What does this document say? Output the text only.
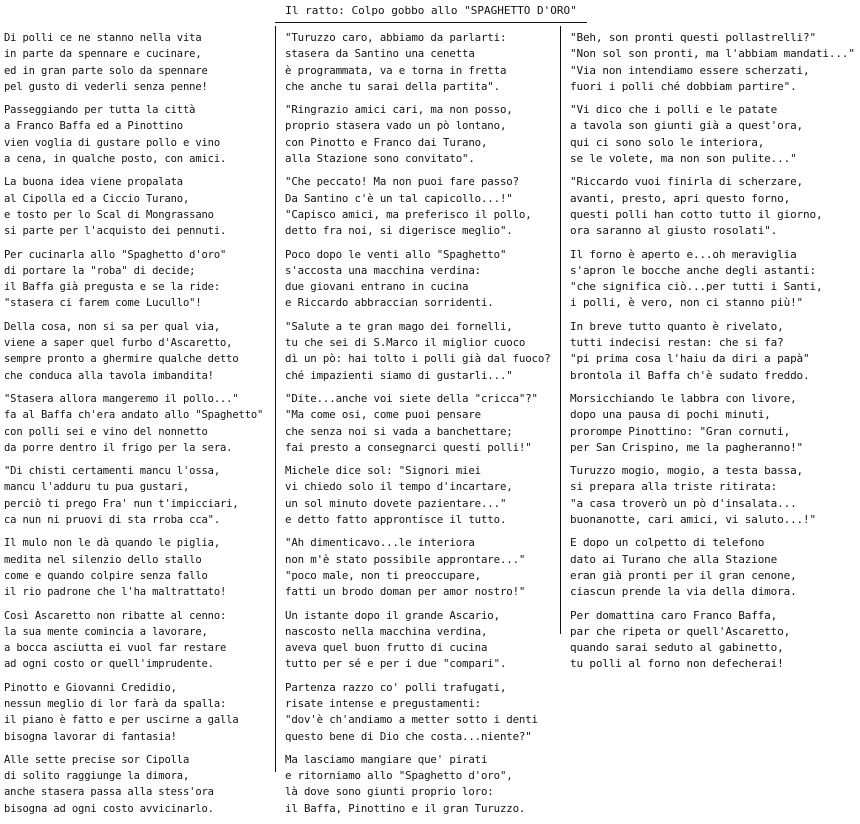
Il ratto: Colpo gobbo allo "SPAGHETTO D'ORO"
Di polli ce ne stanno nella vita
in parte da spennare e cucinare,
ed in gran parte solo da spennare
pel gusto di vederli senza penne!
Passeggiando per tutta la città
a Franco Baffa ed a Pinottino
vien voglia di gustare pollo e vino
a cena, in qualche posto, con amici.
La buona idea viene propalata
al Cipolla ed a Ciccio Turano,
e tosto per lo Scal di Mongrassano
si parte per l'acquisto dei pennuti.
Per cucinarla allo "Spaghetto d'oro"
di portare la "roba" di decide;
il Baffa già pregusta e se la ride:
"stasera ci farem come Lucullo"!
Della cosa, non si sa per qual via,
viene a saper quel furbo d'Ascaretto,
sempre pronto a ghermire qualche detto
che conduca alla tavola imbandita!
"Stasera allora mangeremo il pollo..."
fa al Baffa ch'era andato allo "Spaghetto"
con polli sei e vino del nonnetto
da porre dentro il frigo per la sera.
"Di chisti certamenti mancu l'ossa,
mancu l'adduru tu pua gustari,
perciò ti prego Fra' nun t'impicciari,
ca nun ni pruovi di sta rroba cca".
Il mulo non le dà quando le piglia,
medita nel silenzio dello stallo
come e quando colpire senza fallo
il rio padrone che l'ha maltrattato!
Così Ascaretto non ribatte al cenno:
la sua mente comincia a lavorare,
a bocca asciutta ei vuol far restare
ad ogni costo or quell'imprudente.
Pinotto e Giovanni Credidio,
nessun meglio di lor farà da spalla:
il piano è fatto e per uscirne a galla
bisogna lavorar di fantasia!
Alle sette precise sor Cipolla
di solito raggiunge la dimora,
anche stasera passa alla stess'ora
bisogna ad ogni costo avvicinarlo.
"Turuzzo caro, abbiamo da parlarti:
stasera da Santino una cenetta
è programmata, va e torna in fretta
che anche tu sarai della partita".
"Ringrazio amici cari, ma non posso,
proprio stasera vado un pò lontano,
con Pinotto e Franco dai Turano,
alla Stazione sono convitato".
"Che peccato! Ma non puoi fare passo?
Da Santino c'è un tal capicollo...!"
"Capisco amici, ma preferisco il pollo,
detto fra noi, si digerisce meglio".
Poco dopo le venti allo "Spaghetto"
s'accosta una macchina verdina:
due giovani entrano in cucina
e Riccardo abbraccian sorridenti.
"Salute a te gran mago dei fornelli,
tu che sei di S.Marco il miglior cuoco
dì un pò: hai tolto i polli già dal fuoco?
ché impazienti siamo di gustarli..."
"Dite...anche voi siete della "cricca"?"
"Ma come osi, come puoi pensare
che senza noi si vada a banchettare;
fai presto a consegnarci questi polli!"
Michele dice sol: "Signori miei
vi chiedo solo il tempo d'incartare,
un sol minuto dovete pazientare..."
e detto fatto approntisce il tutto.
"Ah dimenticavo...le interiora
non m'è stato possibile approntare..."
"poco male, non ti preoccupare,
fatti un brodo doman per amor nostro!"
Un istante dopo il grande Ascario,
nascosto nella macchina verdina,
aveva quel buon frutto di cucina
tutto per sé e per i due "compari".
Partenza razzo co' polli trafugati,
risate intense e pregustamenti:
"dov'è ch'andiamo a metter sotto i denti
questo bene di Dio che costa...niente?"
Ma lasciamo mangiare que' pirati
e ritorniamo allo "Spaghetto d'oro",
là dove sono giunti proprio loro:
il Baffa, Pinottino e il gran Turuzzo.
"Beh, son pronti questi pollastrelli?"
"Non sol son pronti, ma l'abbiam mandati..."
"Via non intendiamo essere scherzati,
fuori i polli ché dobbiam partire".
"Vi dico che i polli e le patate
a tavola son giunti già a quest'ora,
qui ci sono solo le interiora,
se le volete, ma non son pulite..."
"Riccardo vuoi finirla di scherzare,
avanti, presto, apri questo forno,
questi polli han cotto tutto il giorno,
ora saranno al giusto rosolati".
Il forno è aperto e...oh meraviglia
s'apron le bocche anche degli astanti:
"che significa ciò...per tutti i Santi,
i polli, è vero, non ci stanno più!"
In breve tutto quanto è rivelato,
tutti indecisi restan: che si fa?
"pi prima cosa l'haiu da diri a papà"
brontola il Baffa ch'è sudato freddo.
Morsicchiando le labbra con livore,
dopo una pausa di pochi minuti,
prorompe Pinottino: "Gran cornuti,
per San Crispino, me la pagheranno!"
Turuzzo mogio, mogio, a testa bassa,
si prepara alla triste ritirata:
"a casa troverò un pò d'insalata...
buonanotte, cari amici, vi saluto...!"
E dopo un colpetto di telefono
dato ai Turano che alla Stazione
eran già pronti per il gran cenone,
ciascun prende la via della dimora.
Per domattina caro Franco Baffa,
par che ripeta or quell'Ascaretto,
quando sarai seduto al gabinetto,
tu polli al forno non defecherai!
